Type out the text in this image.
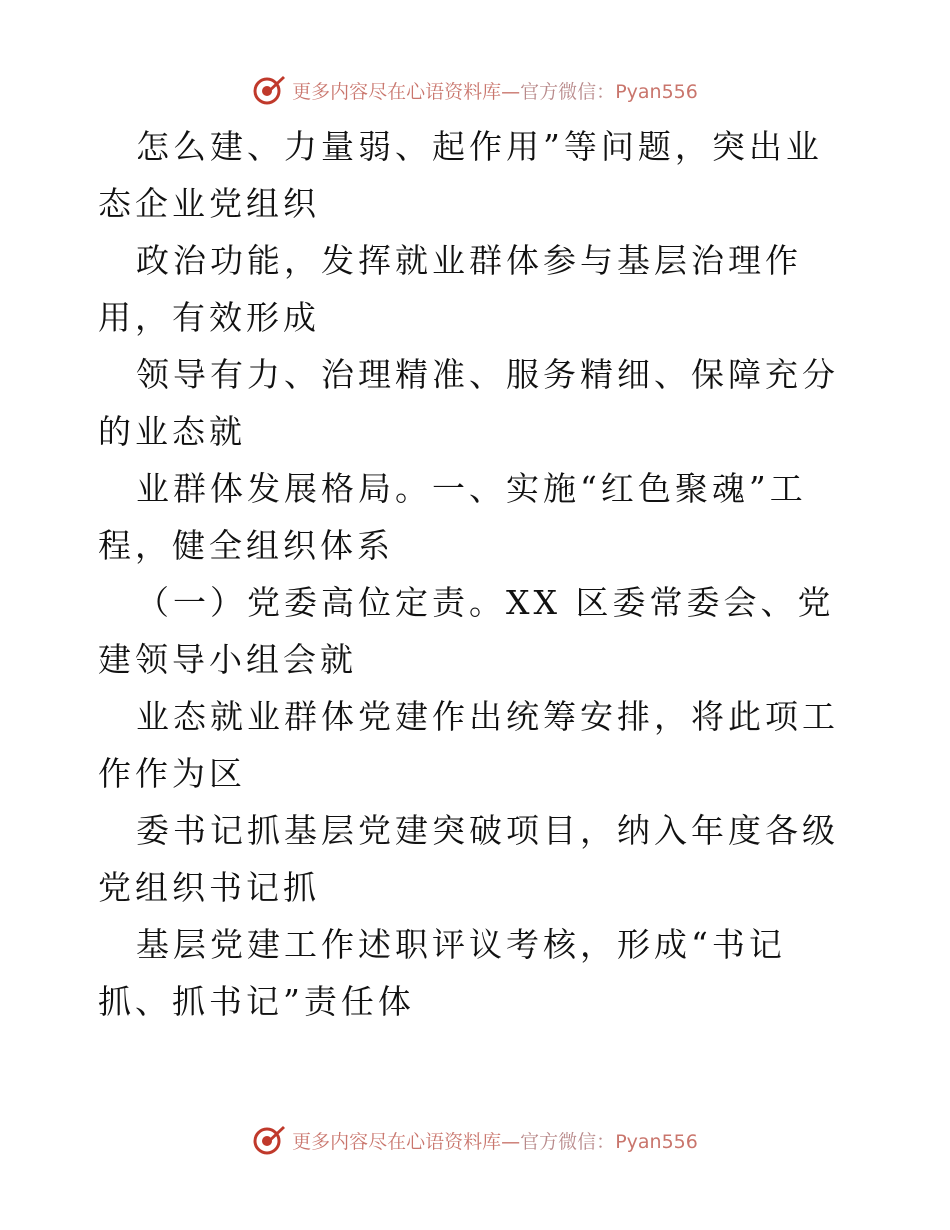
更多内容尽在心语资料库—官方微信：Pyan556

怎么建、力量弱、起作用”等问题，突出业态企业党组织

政治功能，发挥就业群体参与基层治理作用，有效形成

领导有力、治理精准、服务精细、保障充分的业态就

业群体发展格局。一、实施“红色聚魂”工程，健全组织体系

（一）党委高位定责。XX 区委常委会、党建领导小组会就

业态就业群体党建作出统筹安排，将此项工作作为区

委书记抓基层党建突破项目，纳入年度各级党组织书记抓

基层党建工作述职评议考核，形成“书记抓、抓书记”责任体

更多内容尽在心语资料库—官方微信：Pyan556
